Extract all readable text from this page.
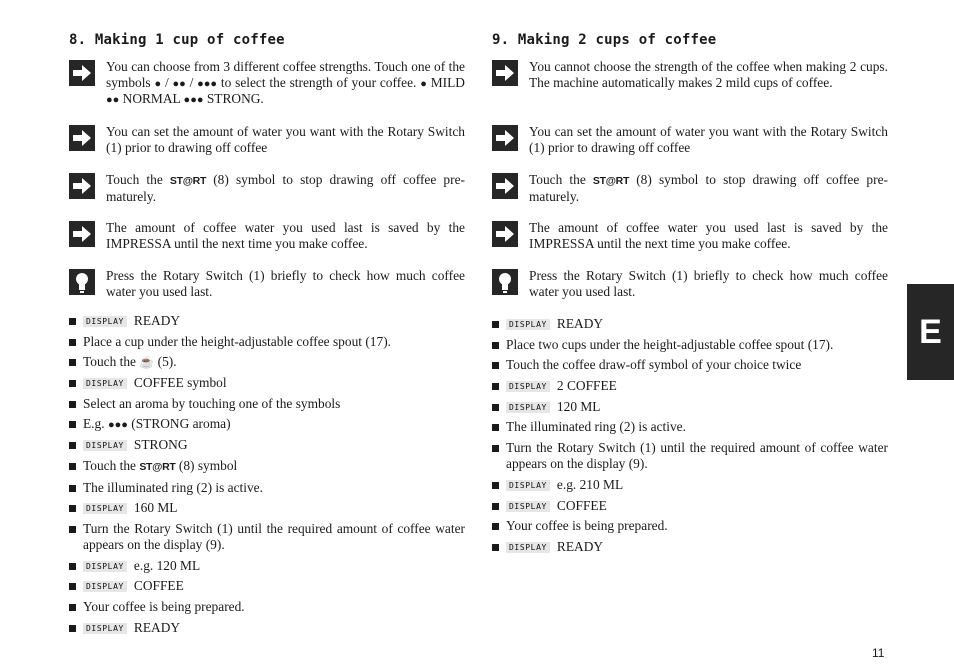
8. Making 1 cup of coffee
You can choose from 3 different coffee strengths. Touch one of the symbols ● / ●● / ●●● to select the strength of your coffee. ● MILD ●● NORMAL ●●● STRONG.
You can set the amount of water you want with the Rotary Switch (1) prior to drawing off coffee
Touch the ST@RT (8) symbol to stop drawing off coffee pre-maturely.
The amount of coffee water you used last is saved by the IMPRESSA until the next time you make coffee.
Press the Rotary Switch (1) briefly to check how much coffee water you used last.
DISPLAY READY
Place a cup under the height-adjustable coffee spout (17).
Touch the ☕ (5).
DISPLAY COFFEE symbol
Select an aroma by touching one of the symbols
E.g. ●●● (STRONG aroma)
DISPLAY STRONG
Touch the ST@RT (8) symbol
The illuminated ring (2) is active.
DISPLAY 160 ML
Turn the Rotary Switch (1) until the required amount of coffee water appears on the display (9).
DISPLAY e.g. 120 ML
DISPLAY COFFEE
Your coffee is being prepared.
DISPLAY READY
9. Making 2 cups of coffee
You cannot choose the strength of the coffee when making 2 cups. The machine automatically makes 2 mild cups of coffee.
You can set the amount of water you want with the Rotary Switch (1) prior to drawing off coffee
Touch the ST@RT (8) symbol to stop drawing off coffee pre-maturely.
The amount of coffee water you used last is saved by the IMPRESSA until the next time you make coffee.
Press the Rotary Switch (1) briefly to check how much coffee water you used last.
DISPLAY READY
Place two cups under the height-adjustable coffee spout (17).
Touch the coffee draw-off symbol of your choice twice
DISPLAY 2 COFFEE
DISPLAY 120 ML
The illuminated ring (2) is active.
Turn the Rotary Switch (1) until the required amount of coffee water appears on the display (9).
DISPLAY e.g. 210 ML
DISPLAY COFFEE
Your coffee is being prepared.
DISPLAY READY
E
11
